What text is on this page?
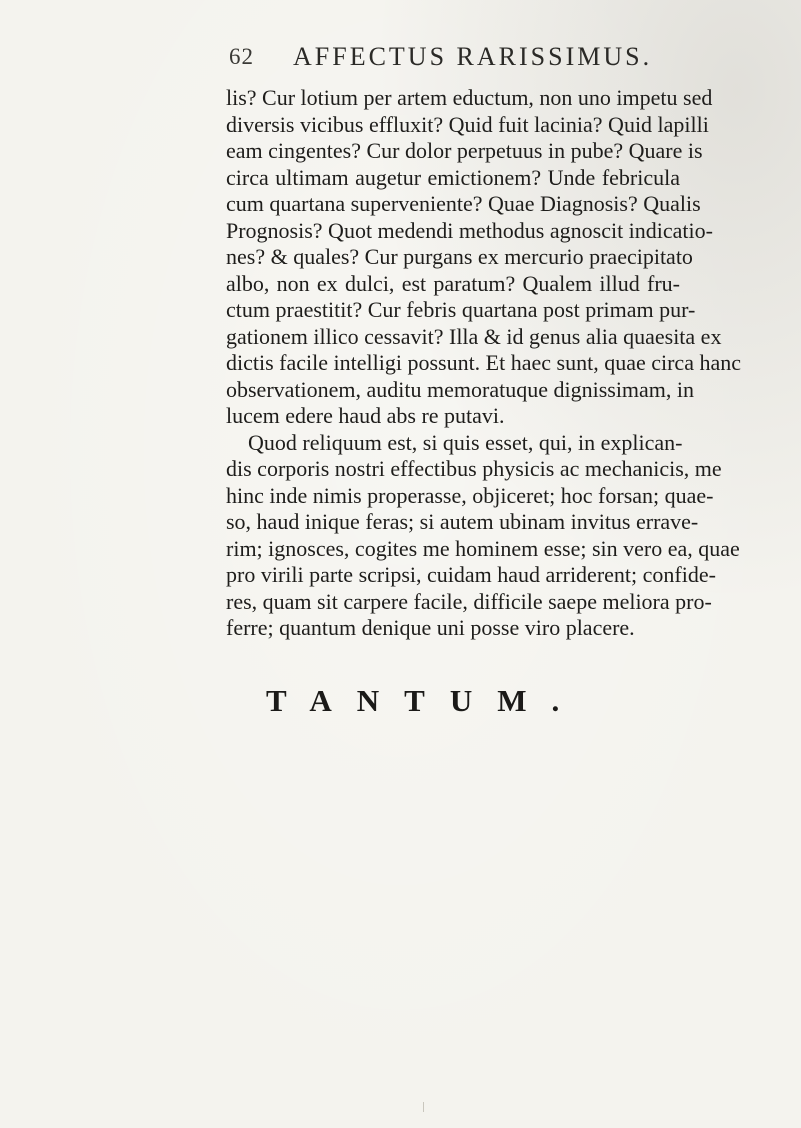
62 AFFECTUS RARISSIMUS.
lis? Cur lotium per artem eductum, non uno impetu sed
diversis vicibus effluxit? Quid fuit lacinia? Quid lapilli
eam cingentes? Cur dolor perpetuus in pube? Quare is
circa ultimam augetur emictionem? Unde febricula
cum quartana superveniente? Quae Diagnosis? Qualis
Prognosis? Quot medendi methodus agnoscit indicatio-
nes? & quales? Cur purgans ex mercurio praecipitato
albo, non ex dulci, est paratum? Qualem illud fru-
ctum praestitit? Cur febris quartana post primam pur-
gationem illico cessavit? Illa & id genus alia quaesita ex
dictis facile intelligi possunt. Et haec sunt, quae circa hanc
observationem, auditu memoratuque dignissimam, in
lucem edere haud abs re putavi.
Quod reliquum est, si quis esset, qui, in explican-
dis corporis nostri effectibus physicis ac mechanicis, me
hinc inde nimis properasse, objiceret; hoc forsan; quae-
so, haud inique feras; si autem ubinam invitus errave-
rim; ignosces, cogites me hominem esse; sin vero ea, quae
pro virili parte scripsi, cuidam haud arriderent; confide-
res, quam sit carpere facile, difficile saepe meliora pro-
ferre; quantum denique uni posse viro placere.
TANTUM.
